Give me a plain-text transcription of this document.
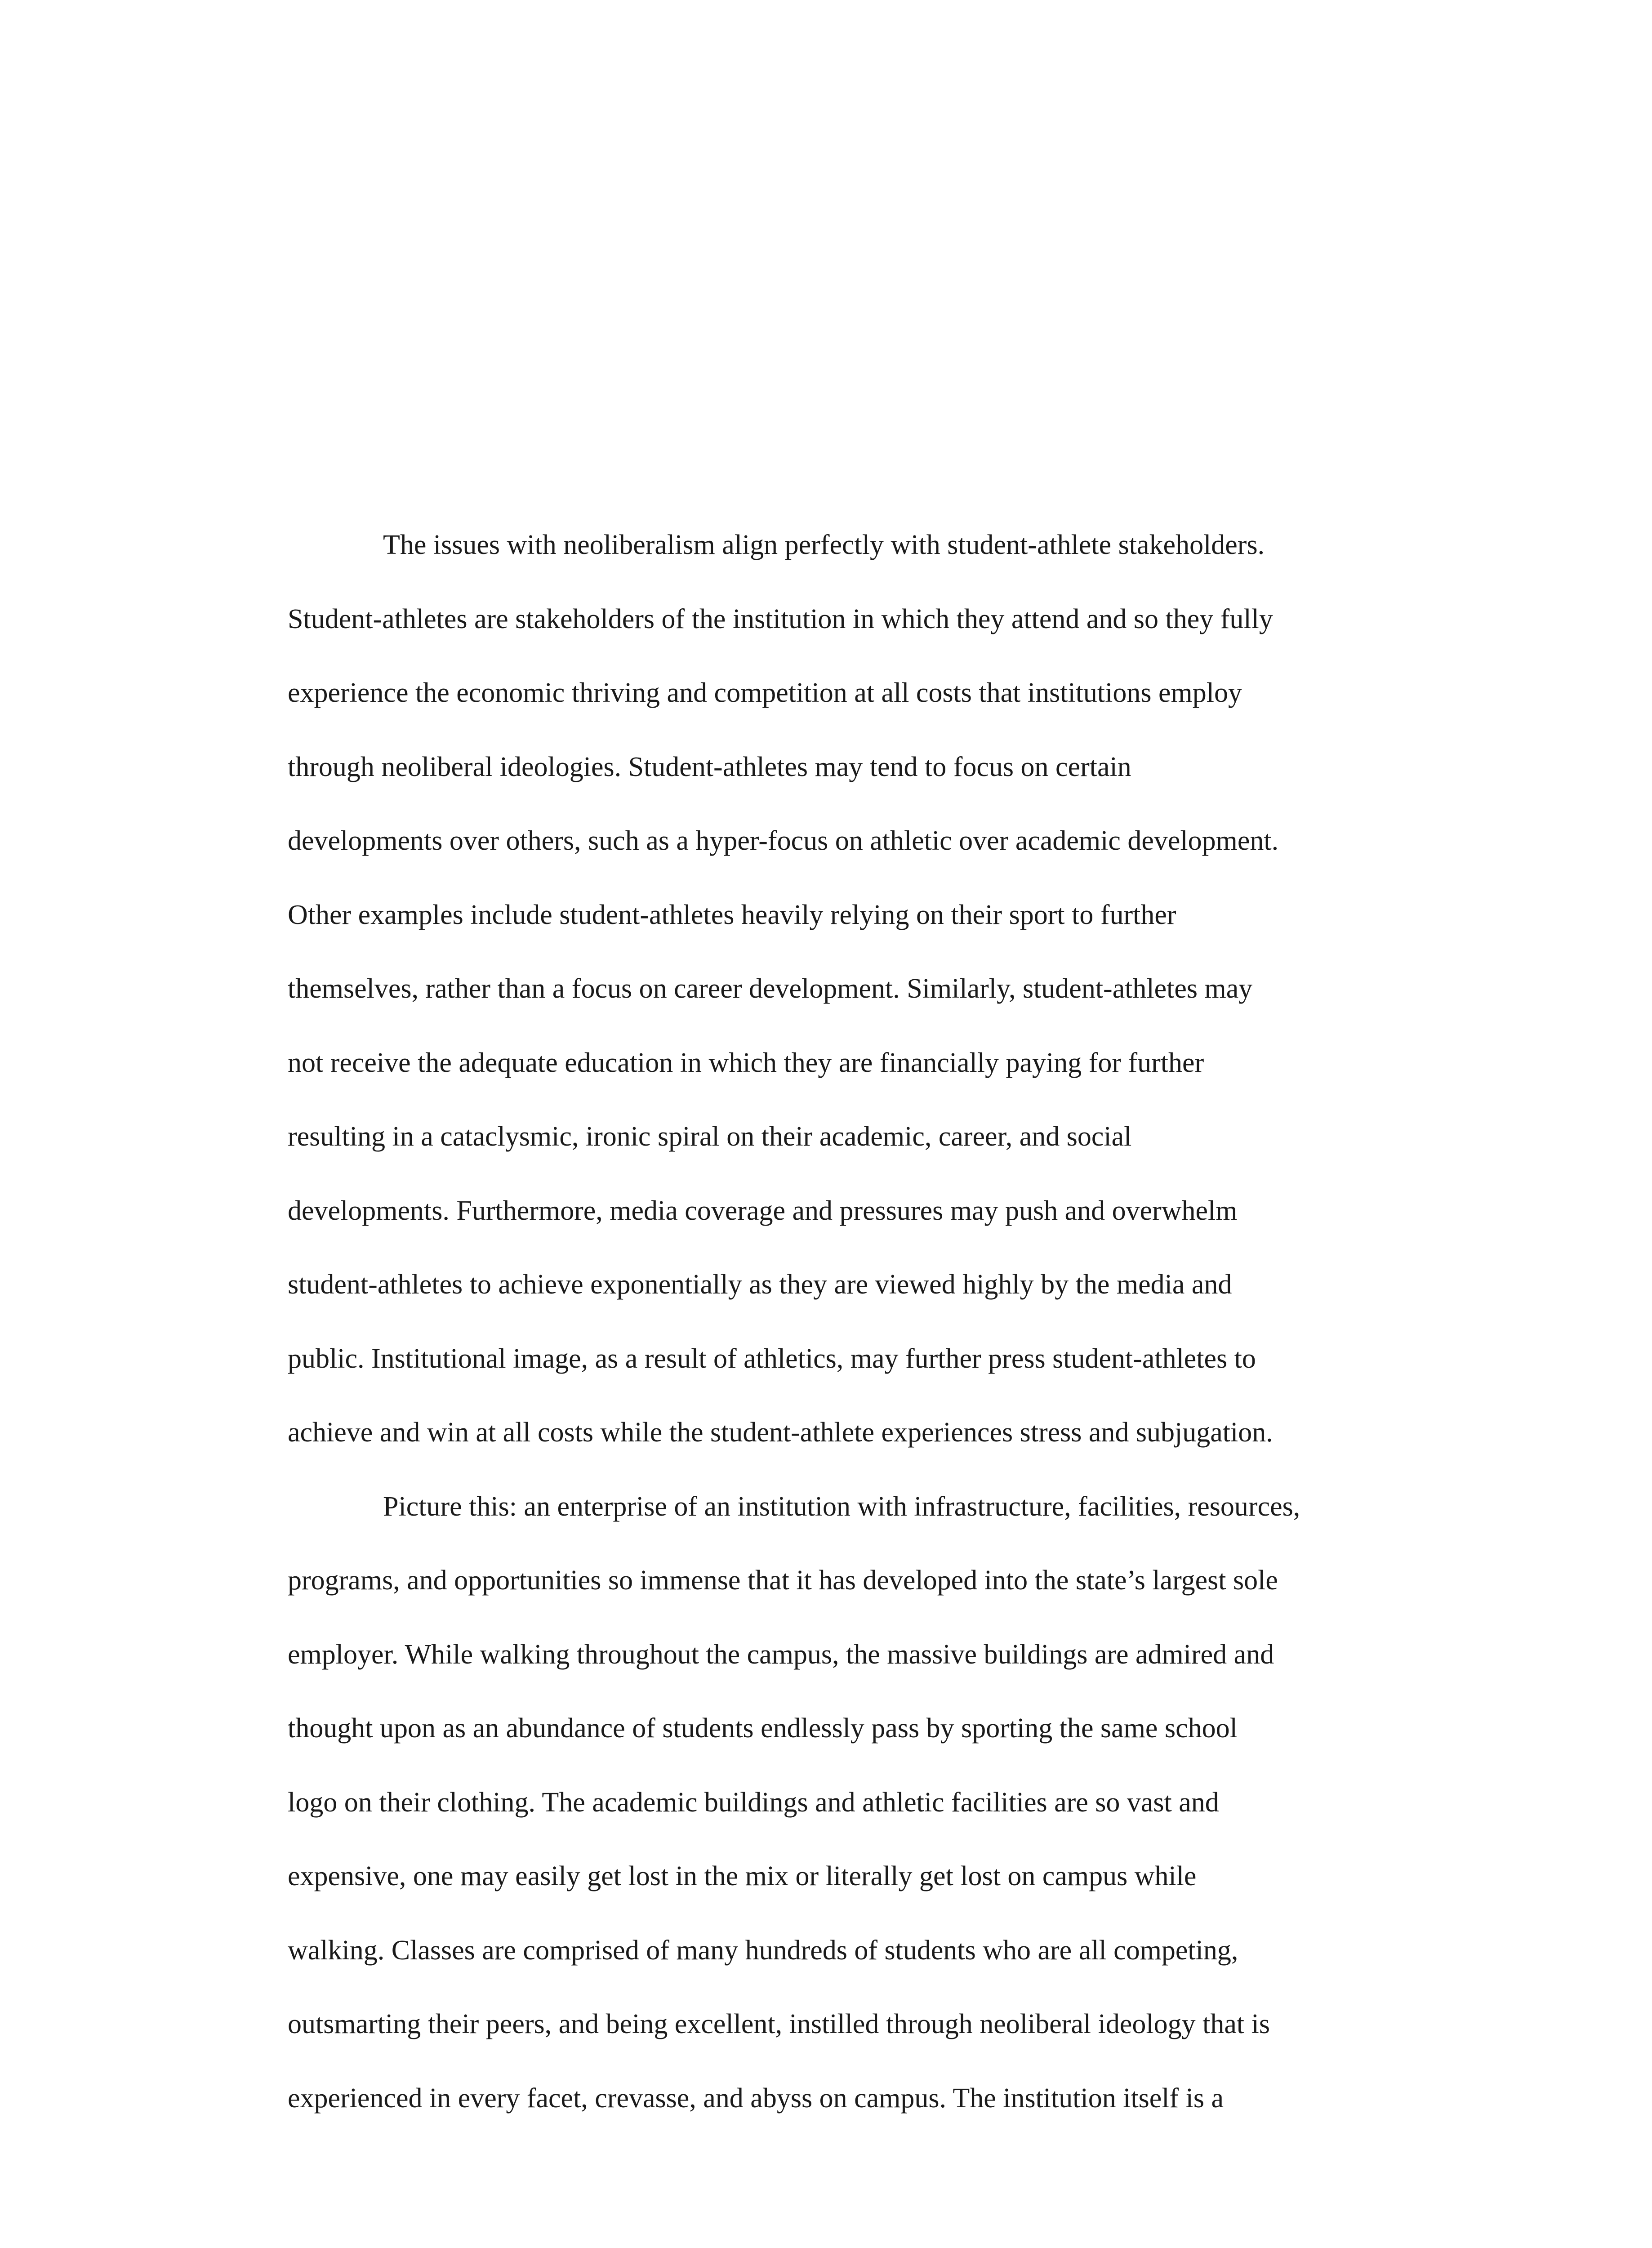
The issues with neoliberalism align perfectly with student-athlete stakeholders.
Student-athletes are stakeholders of the institution in which they attend and so they fully
experience the economic thriving and competition at all costs that institutions employ
through neoliberal ideologies. Student-athletes may tend to focus on certain
developments over others, such as a hyper-focus on athletic over academic development.
Other examples include student-athletes heavily relying on their sport to further
themselves, rather than a focus on career development. Similarly, student-athletes may
not receive the adequate education in which they are financially paying for further
resulting in a cataclysmic, ironic spiral on their academic, career, and social
developments. Furthermore, media coverage and pressures may push and overwhelm
student-athletes to achieve exponentially as they are viewed highly by the media and
public. Institutional image, as a result of athletics, may further press student-athletes to
achieve and win at all costs while the student-athlete experiences stress and subjugation.
Picture this: an enterprise of an institution with infrastructure, facilities, resources,
programs, and opportunities so immense that it has developed into the state’s largest sole
employer. While walking throughout the campus, the massive buildings are admired and
thought upon as an abundance of students endlessly pass by sporting the same school
logo on their clothing. The academic buildings and athletic facilities are so vast and
expensive, one may easily get lost in the mix or literally get lost on campus while
walking. Classes are comprised of many hundreds of students who are all competing,
outsmarting their peers, and being excellent, instilled through neoliberal ideology that is
experienced in every facet, crevasse, and abyss on campus. The institution itself is a
